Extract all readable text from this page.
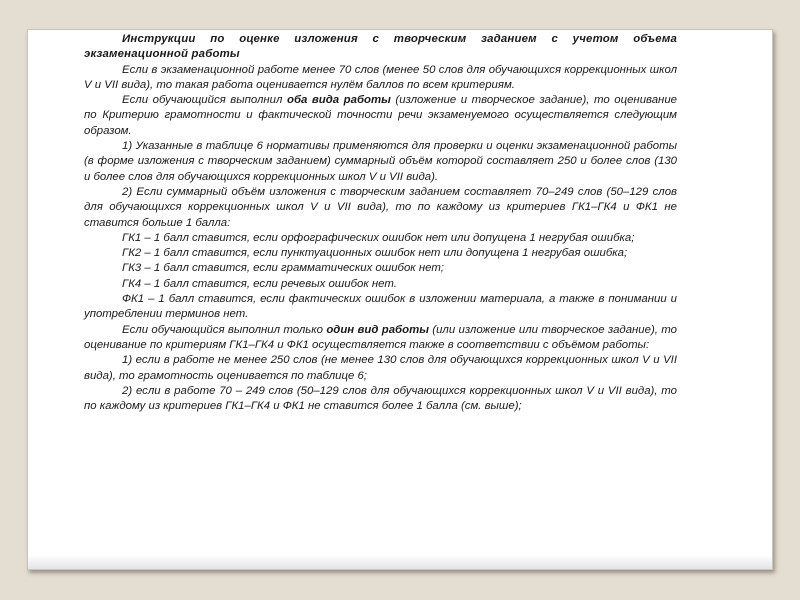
Инструкции по оценке изложения с творческим заданием с учетом объема экзаменационной работы

Если в экзаменационной работе менее 70 слов (менее 50 слов для обучающихся коррекционных школ V и VII вида), то такая работа оценивается нулём баллов по всем критериям.

Если обучающийся выполнил оба вида работы (изложение и творческое задание), то оценивание по Критерию грамотности и фактической точности речи экзаменуемого осуществляется следующим образом.

1) Указанные в таблице 6 нормативы применяются для проверки и оценки экзаменационной работы (в форме изложения с творческим заданием) суммарный объём которой составляет 250 и более слов (130 и более слов для обучающихся коррекционных школ V и VII вида).

2) Если суммарный объём изложения с творческим заданием составляет 70–249 слов (50–129 слов для обучающихся коррекционных школ V и VII вида), то по каждому из критериев ГК1–ГК4 и ФК1 не ставится больше 1 балла:

ГК1 – 1 балл ставится, если орфографических ошибок нет или допущена 1 негрубая ошибка;

ГК2 – 1 балл ставится, если пунктуационных ошибок нет или допущена 1 негрубая ошибка;

ГК3 – 1 балл ставится, если грамматических ошибок нет;

ГК4 – 1 балл ставится, если речевых ошибок нет.

ФК1 – 1 балл ставится, если фактических ошибок в изложении материала, а также в понимании и употреблении терминов нет.

Если обучающийся выполнил только один вид работы (или изложение или творческое задание), то оценивание по критериям ГК1–ГК4 и ФК1 осуществляется также в соответствии с объёмом работы:

1) если в работе не менее 250 слов (не менее 130 слов для обучающихся коррекционных школ V и VII вида), то грамотность оценивается по таблице 6;

2) если в работе 70 – 249 слов (50–129 слов для обучающихся коррекционных школ V и VII вида), то по каждому из критериев ГК1–ГК4 и ФК1 не ставится более 1 балла (см. выше);
